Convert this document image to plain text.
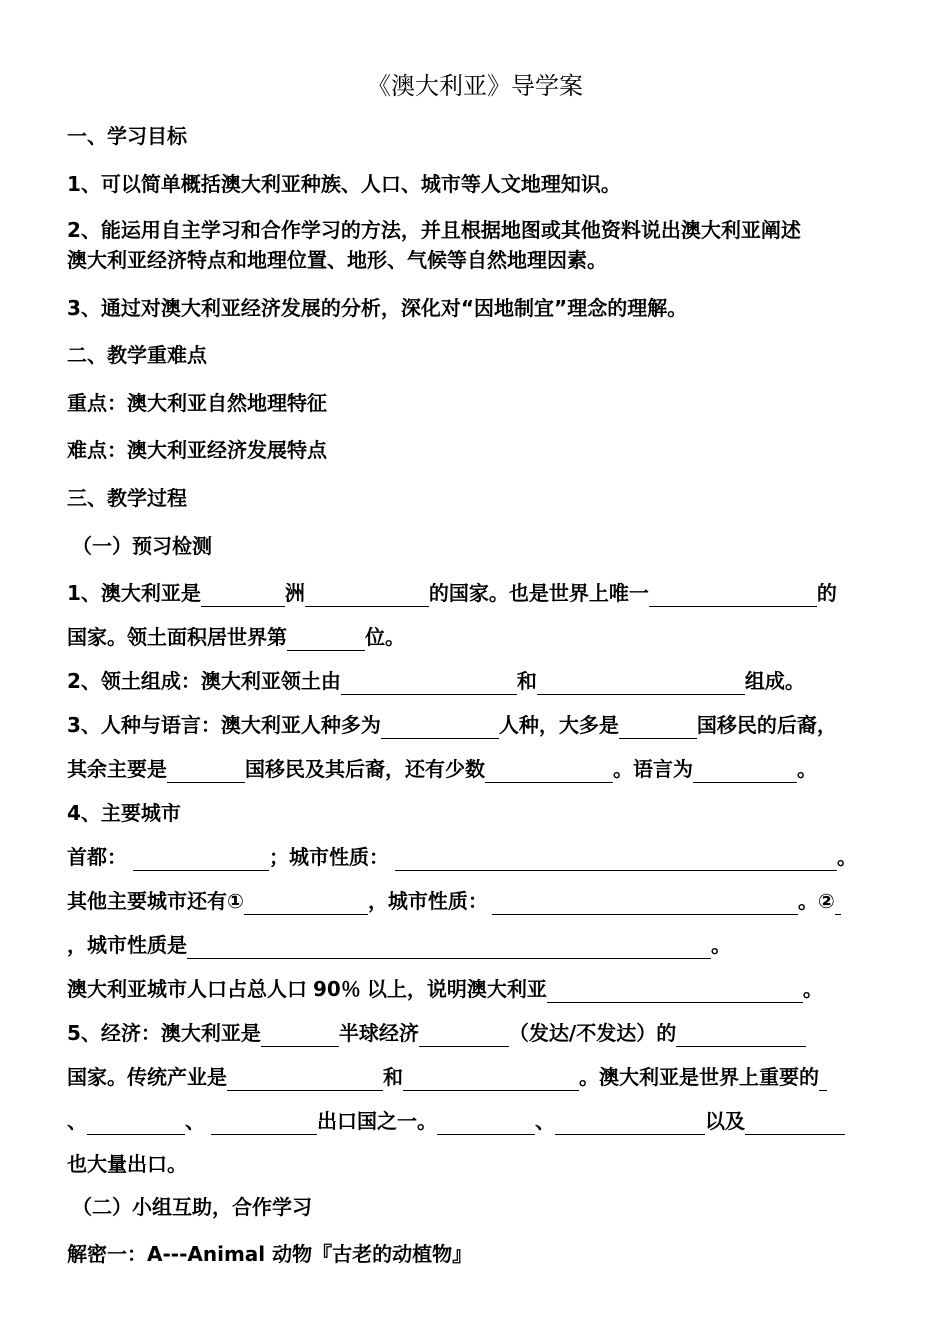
《澳大利亚》导学案
一、学习目标
1、可以简单概括澳大利亚种族、人口、城市等人文地理知识。
2、能运用自主学习和合作学习的方法，并且根据地图或其他资料说出澳大利亚阐述
澳大利亚经济特点和地理位置、地形、气候等自然地理因素。
3、通过对澳大利亚经济发展的分析，深化对“因地制宜”理念的理解。
二、教学重难点
重点：澳大利亚自然地理特征
难点：澳大利亚经济发展特点
三、教学过程
（一）预习检测
1、澳大利亚是	洲	的国家。也是世界上唯一	的
国家。领土面积居世界第	位。
2、领土组成：澳大利亚领土由	和	组成。
3、人种与语言：澳大利亚人种多为	人种，大多是	国移民的后裔，
其余主要是	国移民及其后裔，还有少数	。语言为	。
4、主要城市
首都：	；城市性质：	。
其他主要城市还有①	，城市性质：	。②
，城市性质是	。
澳大利亚城市人口占总人口 90％ 以上，说明澳大利亚	。
5、经济：澳大利亚是	半球经济	（发达/不发达）的
国家。传统产业是	和	。澳大利亚是世界上重要的
、	、	出口国之一。	、	以及
也大量出口。
（二）小组互助，合作学习
解密一：A---Animal 动物『古老的动植物』
